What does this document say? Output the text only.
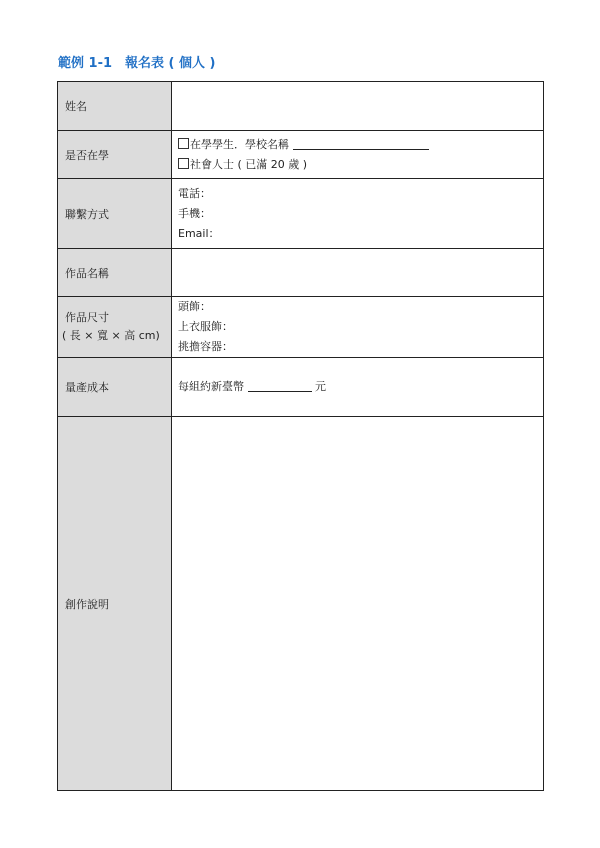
範例 1-1　報名表 ( 個人 )
姓名	
是否在學	在學學生．學校名稱
社會人士 ( 已滿 20 歲 )

聯繫方式	電話：
手機：
Email：

作品名稱	

作品尺寸
( 長 × 寬 × 高 cm)	頭飾：
上衣服飾：
挑擔容器：

量產成本	每組約新臺幣 元

創作說明	
